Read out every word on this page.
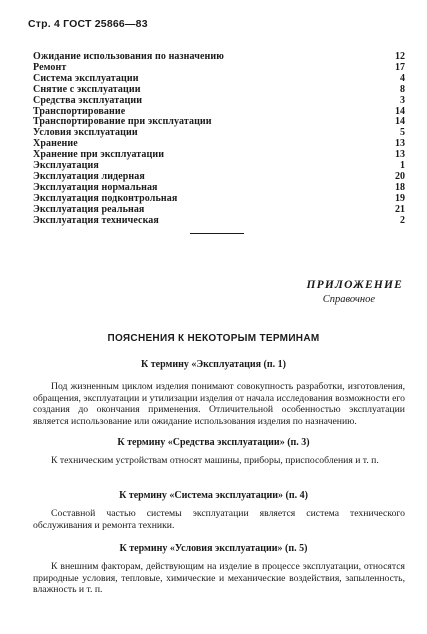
Стр. 4 ГОСТ 25866—83
Ожидание использования по назначению	12
Ремонт	17
Система эксплуатации	4
Снятие с эксплуатации	8
Средства эксплуатации	3
Транспортирование	14
Транспортирование при эксплуатации	14
Условия эксплуатации	5
Хранение	13
Хранение при эксплуатации	13
Эксплуатация	1
Эксплуатация лидерная	20
Эксплуатация нормальная	18
Эксплуатация подконтрольная	19
Эксплуатация реальная	21
Эксплуатация техническая	2
ПРИЛОЖЕНИЕ
Справочное
ПОЯСНЕНИЯ К НЕКОТОРЫМ ТЕРМИНАМ
К термину «Эксплуатация (п. 1)

Под жизненным циклом изделия понимают совокупность разработки, изготовления, обращения, эксплуатации и утилизации изделия от начала исследования возможности его создания до окончания применения. Отличительной особенностью эксплуатации является использование или ожидание использования изделия по назначению.

К термину «Средства эксплуатации» (п. 3)

К техническим устройствам относят машины, приборы, приспособления и т. п.

К термину «Система эксплуатации» (п. 4)

Составной частью системы эксплуатации является система технического обслуживания и ремонта техники.

К термину «Условия эксплуатации» (п. 5)

К внешним факторам, действующим на изделие в процессе эксплуатации, относятся природные условия, тепловые, химические и механические воздействия, запыленность, влажность и т. п.
